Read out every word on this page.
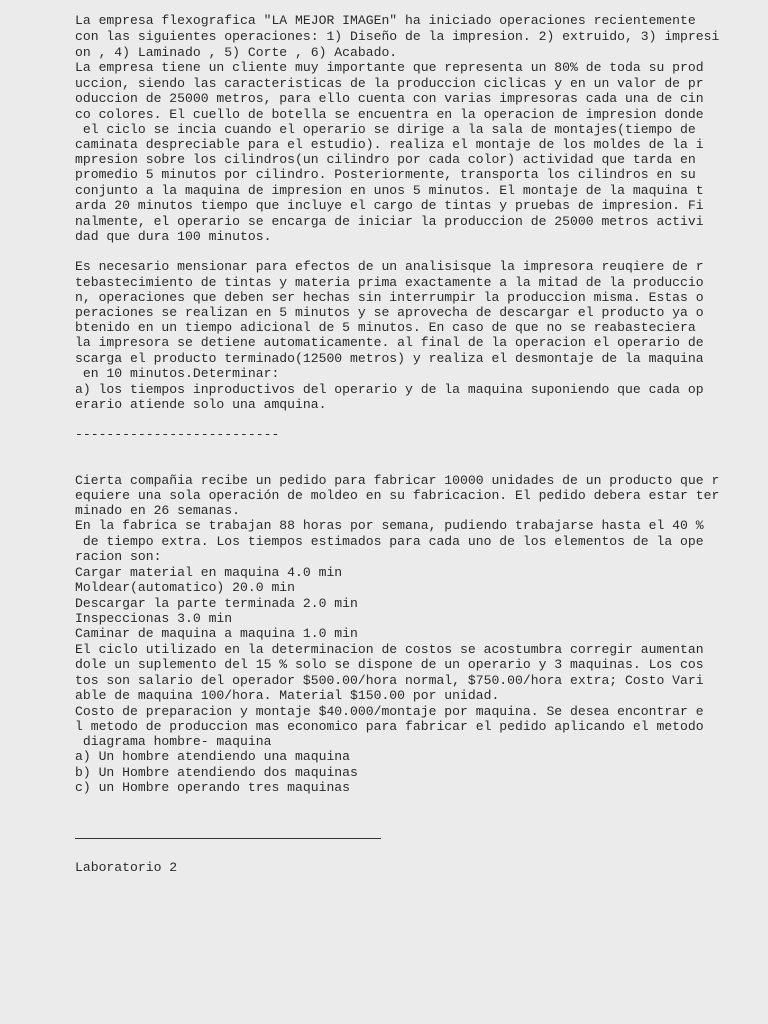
La empresa flexografica "LA MEJOR IMAGEn" ha iniciado operaciones recientemente
con las siguientes operaciones: 1) Diseño de la impresion. 2) extruido, 3) impresi
on , 4) Laminado , 5) Corte , 6) Acabado.
La empresa tiene un cliente muy importante que representa un 80% de toda su prod
uccion, siendo las caracteristicas de la produccion ciclicas y en un valor de pr
oduccion de 25000 metros, para ello cuenta con varias impresoras cada una de cin
co colores. El cuello de botella se encuentra en la operacion de impresion donde
el ciclo se incia cuando el operario se dirige a la sala de montajes(tiempo de
caminata despreciable para el estudio). realiza el montaje de los moldes de la i
mpresion sobre los cilindros(un cilindro por cada color) actividad que tarda en
promedio 5 minutos por cilindro. Posteriormente, transporta los cilindros en su
conjunto a la maquina de impresion en unos 5 minutos. El montaje de la maquina t
arda 20 minutos tiempo que incluye el cargo de tintas y pruebas de impresion. Fi
nalmente, el operario se encarga de iniciar la produccion de 25000 metros activi
dad que dura 100 minutos.
Es necesario mensionar para efectos de un analisisque la impresora reuqiere de r
tebastecimiento de tintas y materia prima exactamente a la mitad de la produccio
n, operaciones que deben ser hechas sin interrumpir la produccion misma. Estas o
peraciones se realizan en 5 minutos y se aprovecha de descargar el producto ya o
btenido en un tiempo adicional de 5 minutos. En caso de que no se reabasteciera
la impresora se detiene automaticamente. al final de la operacion el operario de
scarga el producto terminado(12500 metros) y realiza el desmontaje de la maquina
en 10 minutos.Determinar:
a) los tiempos inproductivos del operario y de la maquina suponiendo que cada op
erario atiende solo una amquina.
--------------------------
Cierta compañia recibe un pedido para fabricar 10000 unidades de un producto que r
equiere una sola operación de moldeo en su fabricacion. El pedido debera estar ter
minado en 26 semanas.
En la fabrica se trabajan 88 horas por semana, pudiendo trabajarse hasta el 40 %
de tiempo extra. Los tiempos estimados para cada uno de los elementos de la ope
racion son:
Cargar material en maquina 4.0 min
Moldear(automatico) 20.0 min
Descargar la parte terminada 2.0 min
Inspeccionas 3.0 min
Caminar de maquina a maquina 1.0 min
El ciclo utilizado en la determinacion de costos se acostumbra corregir aumentan
dole un suplemento del 15 % solo se dispone de un operario y 3 maquinas. Los cos
tos son salario del operador $500.00/hora normal, $750.00/hora extra; Costo Vari
able de maquina 100/hora. Material $150.00 por unidad.
Costo de preparacion y montaje $40.000/montaje por maquina. Se desea encontrar e
l metodo de produccion mas economico para fabricar el pedido aplicando el metodo
diagrama hombre- maquina
a) Un hombre atendiendo una maquina
b) Un Hombre atendiendo dos maquinas
c) un Hombre operando tres maquinas
Laboratorio 2
